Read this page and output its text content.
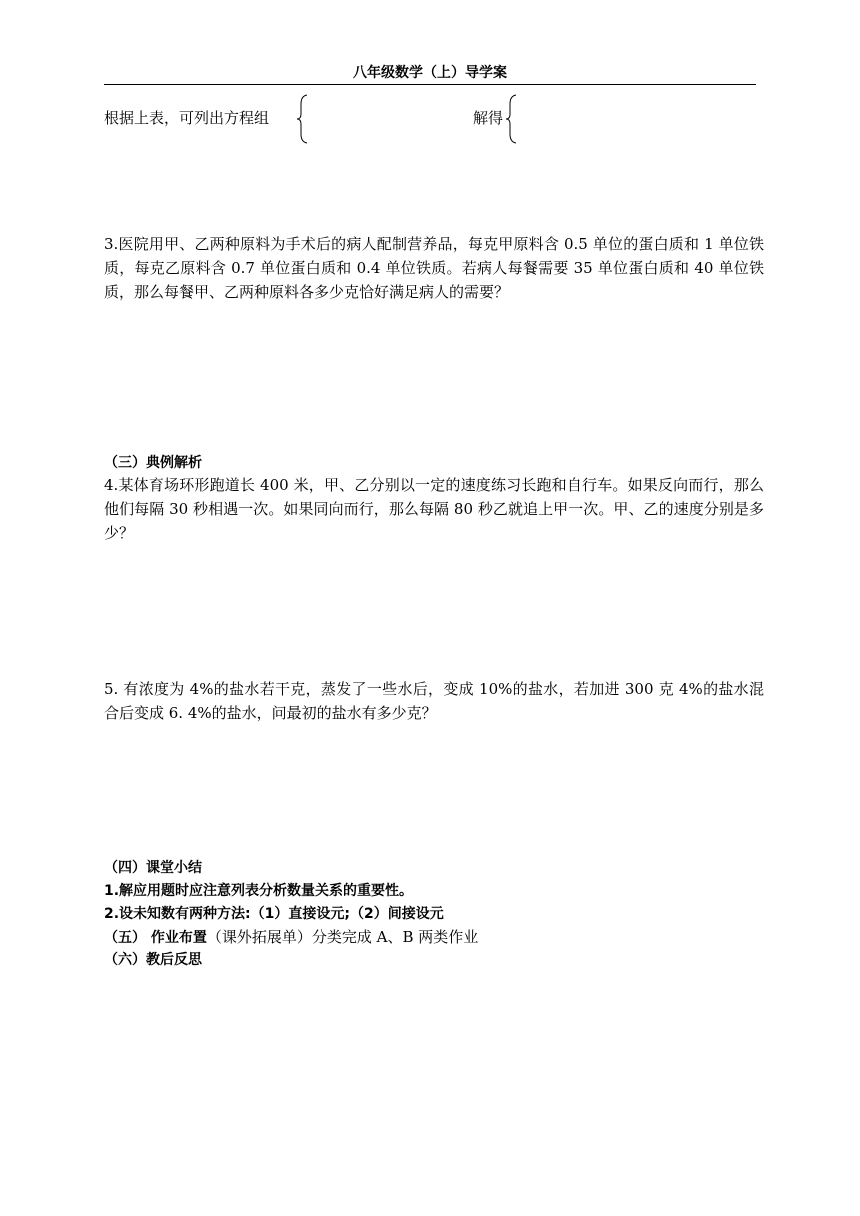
八年级数学（上）导学案
根据上表，可列出方程组	解得
3.医院用甲、乙两种原料为手术后的病人配制营养品，每克甲原料含 0.5 单位的蛋白质和 1 单位铁质，每克乙原料含 0.7 单位蛋白质和 0.4 单位铁质。若病人每餐需要 35 单位蛋白质和 40 单位铁质，那么每餐甲、乙两种原料各多少克恰好满足病人的需要？
（三）典例解析
4.某体育场环形跑道长 400 米，甲、乙分别以一定的速度练习长跑和自行车。如果反向而行，那么他们每隔 30 秒相遇一次。如果同向而行，那么每隔 80 秒乙就追上甲一次。甲、乙的速度分别是多少？
5. 有浓度为 4%的盐水若干克，蒸发了一些水后，变成 10%的盐水，若加进 300 克 4%的盐水混合后变成 6. 4%的盐水，问最初的盐水有多少克？
（四）课堂小结
1.解应用题时应注意列表分析数量关系的重要性。
2.设未知数有两种方法:（1）直接设元;（2）间接设元
（五） 作业布置（课外拓展单）分类完成 A、B 两类作业
（六）教后反思
